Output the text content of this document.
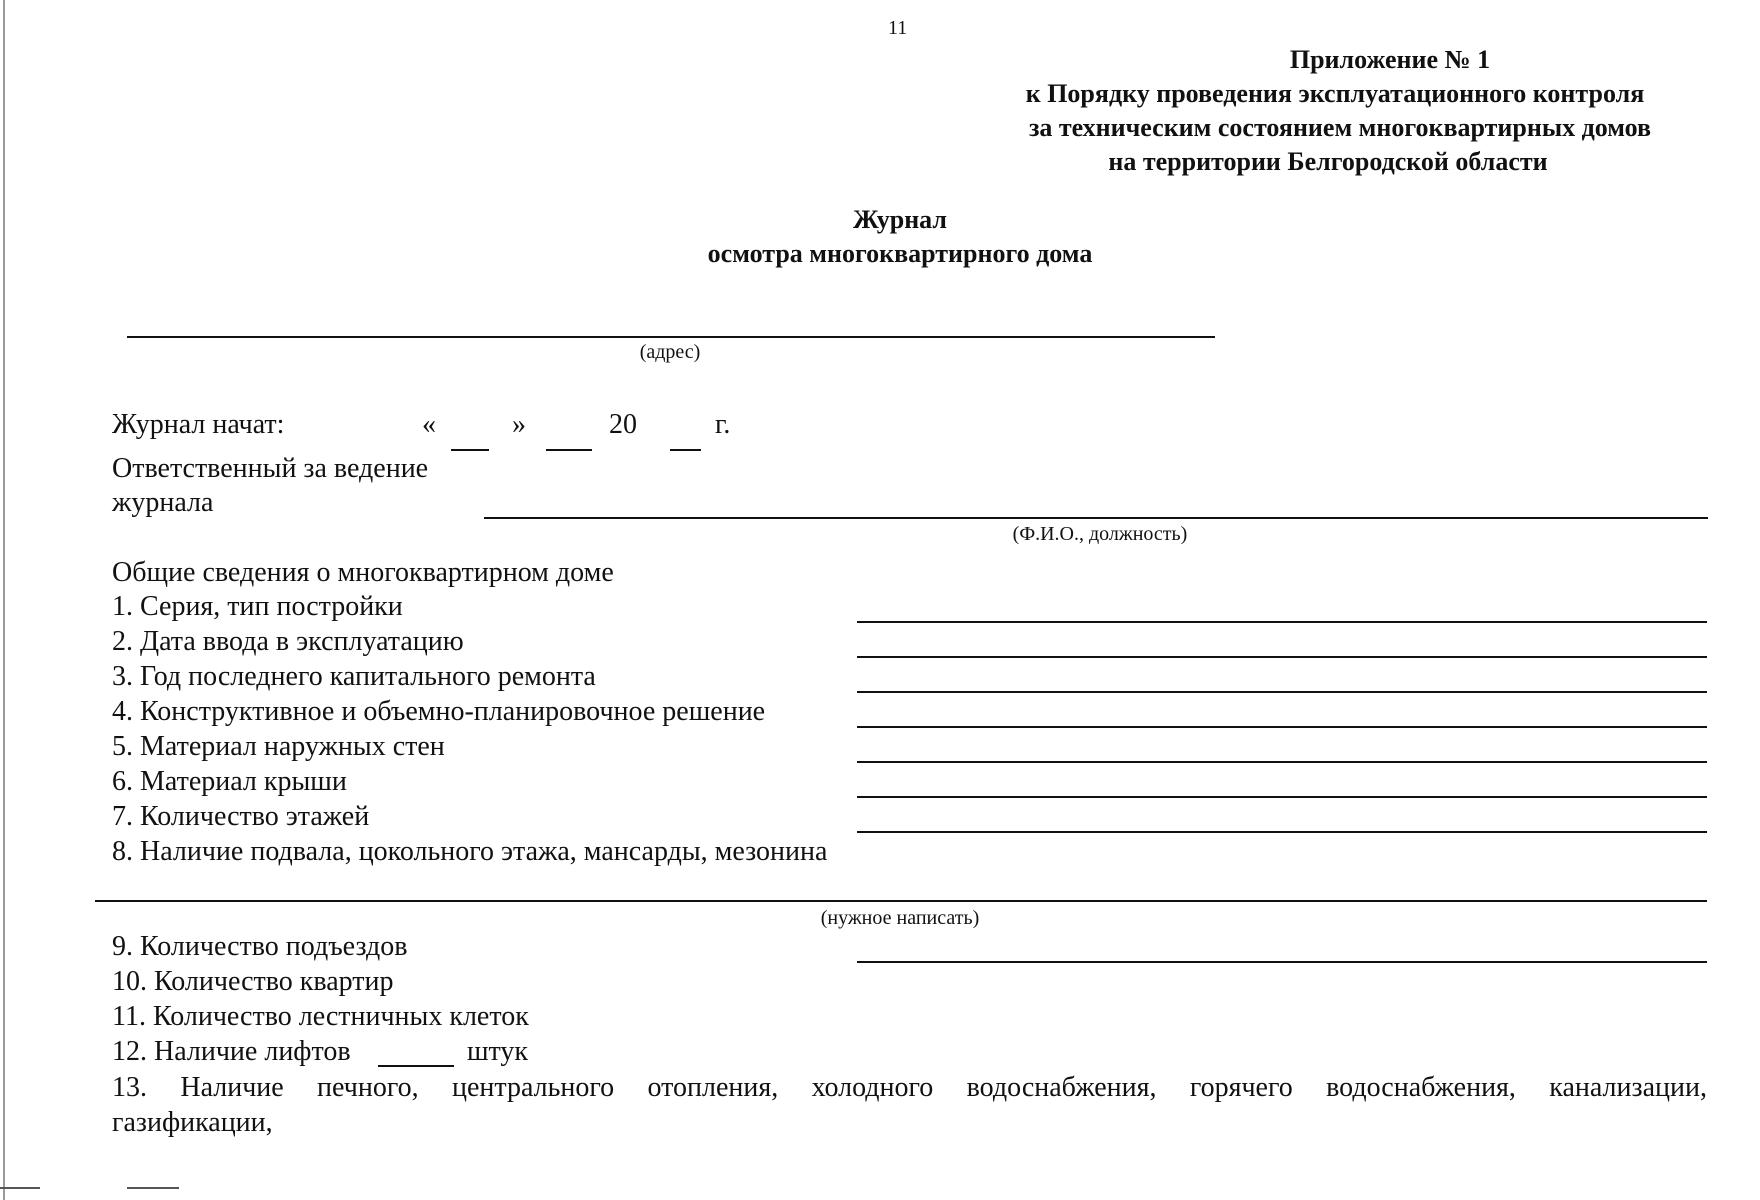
11
Приложение № 1
к Порядку проведения эксплуатационного контроля
за техническим состоянием многоквартирных домов
на территории Белгородской области
Журнал
осмотра многоквартирного дома
(адрес)
Журнал начат:	«	»	20	г.
Ответственный за ведение
журнала
(Ф.И.О., должность)
Общие сведения о многоквартирном доме
1. Серия, тип постройки
2. Дата ввода в эксплуатацию
3. Год последнего капитального ремонта
4. Конструктивное и объемно-планировочное решение
5. Материал наружных стен
6. Материал крыши
7. Количество этажей
8. Наличие подвала, цокольного этажа, мансарды, мезонина
(нужное написать)
9. Количество подъездов
10. Количество квартир
11. Количество лестничных клеток
12. Наличие лифтов	штук
13. Наличие печного, центрального отопления, холодного водоснабжения, горячего водоснабжения, канализации,
газификации,
